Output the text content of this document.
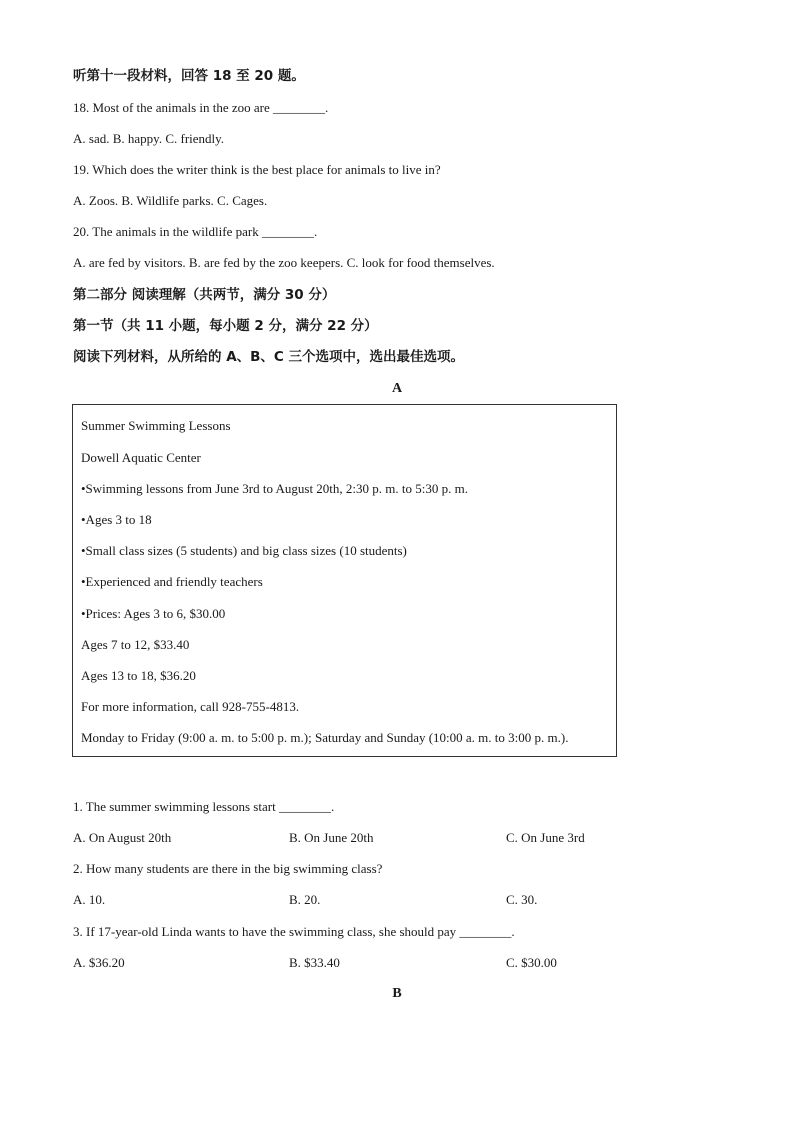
听第十一段材料，回答 18 至 20 题。
18. Most of the animals in the zoo are ________.
A. sad. B. happy. C. friendly.
19. Which does the writer think is the best place for animals to live in?
A. Zoos. B. Wildlife parks. C. Cages.
20. The animals in the wildlife park ________.
A. are fed by visitors. B. are fed by the zoo keepers. C. look for food themselves.
第二部分 阅读理解（共两节，满分 30 分）
第一节（共 11 小题，每小题 2 分，满分 22 分）
阅读下列材料，从所给的 A、B、C 三个选项中，选出最佳选项。
A
Summer Swimming Lessons
Dowell Aquatic Center
•Swimming lessons from June 3rd to August 20th, 2:30 p. m. to 5:30 p. m.
•Ages 3 to 18
•Small class sizes (5 students) and big class sizes (10 students)
•Experienced and friendly teachers
•Prices: Ages 3 to 6, $30.00
Ages 7 to 12, $33.40
Ages 13 to 18, $36.20
For more information, call 928-755-4813.
Monday to Friday (9:00 a. m. to 5:00 p. m.); Saturday and Sunday (10:00 a. m. to 3:00 p. m.).
1. The summer swimming lessons start ________.
A. On August 20th	B. On June 20th	C. On June 3rd
2. How many students are there in the big swimming class?
A. 10.	B. 20.	C. 30.
3. If 17-year-old Linda wants to have the swimming class, she should pay ________.
A. $36.20	B. $33.40	C. $30.00
B
